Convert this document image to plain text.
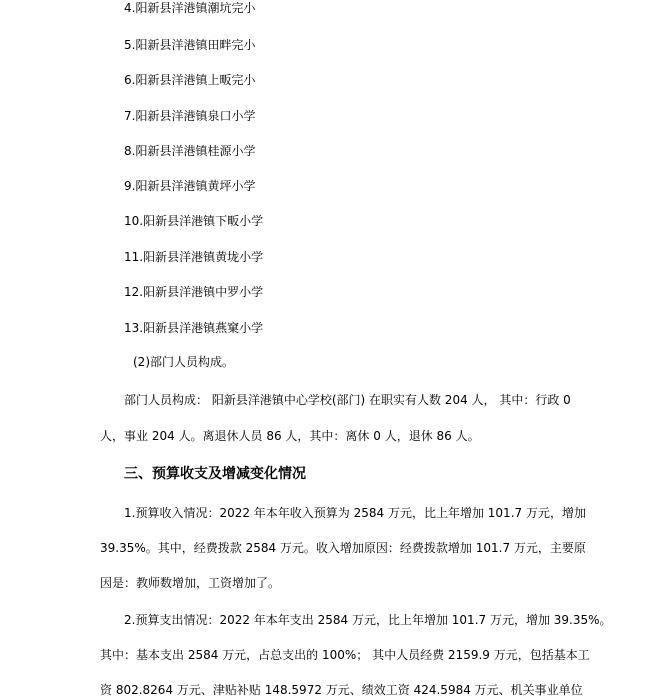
4.阳新县洋港镇潮坑完小
5.阳新县洋港镇田畔完小
6.阳新县洋港镇上畈完小
7.阳新县洋港镇泉口小学
8.阳新县洋港镇桂源小学
9.阳新县洋港镇黄坪小学
10.阳新县洋港镇下畈小学
11.阳新县洋港镇黄垅小学
12.阳新县洋港镇中罗小学
13.阳新县洋港镇燕窠小学
(2)部门人员构成。
部门人员构成： 阳新县洋港镇中心学校(部门) 在职实有人数 204 人， 其中：行政 0
人，事业 204 人。离退休人员 86 人，其中：离休 0 人，退休 86 人。
三、预算收支及增减变化情况
1.预算收入情况：2022 年本年收入预算为 2584 万元，比上年增加 101.7 万元，增加
39.35%。其中，经费拨款 2584 万元。收入增加原因：经费拨款增加 101.7 万元，主要原
因是：教师数增加，工资增加了。
2.预算支出情况：2022 年本年支出 2584 万元，比上年增加 101.7 万元，增加 39.35%。
其中：基本支出 2584 万元，占总支出的 100%； 其中人员经费 2159.9 万元，包括基本工
资 802.8264 万元、津贴补贴 148.5972 万元、绩效工资 424.5984 万元、机关事业单位
